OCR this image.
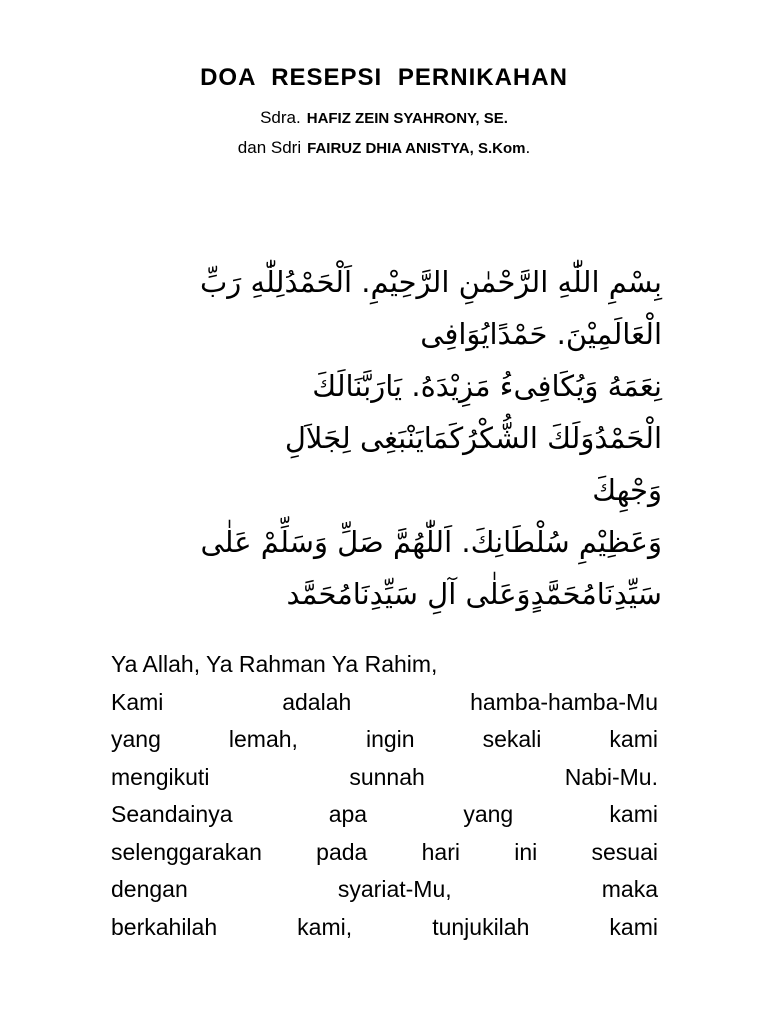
DOA RESEPSI PERNIKAHAN
Sdra. HAFIZ ZEIN SYAHRONY, SE.
dan Sdri FAIRUZ DHIA ANISTYA, S.Kom.
بِسْمِ اللّٰهِ الرَّحْمٰنِ الرَّحِيْمِ. اَلْحَمْدُلِلّٰهِ رَبِّ
الْعَالَمِيْنَ. حَمْدًايُوَافِى
نِعَمَهُ وَيُكَافِىءُ مَزِيْدَهُ. يَارَبَّنَالَكَ
الْحَمْدُوَلَكَ الشُّكْرُكَمَايَنْبَغِى لِجَلاَلِ
وَجْهِكَ
وَعَظِيْمِ سُلْطَانِكَ. اَللّٰهُمَّ صَلِّ وَسَلِّمْ عَلٰى
سَيِّدِنَامُحَمَّدٍوَعَلٰى آلِ سَيِّدِنَامُحَمَّد
Ya Allah, Ya Rahman Ya Rahim,
Kami adalah hamba-hamba-Mu
yang lemah, ingin sekali kami
mengikuti sunnah Nabi-Mu.
Seandainya apa yang kami
selenggarakan pada hari ini sesuai
dengan syariat-Mu, maka
berkahilah kami, tunjukilah kami
